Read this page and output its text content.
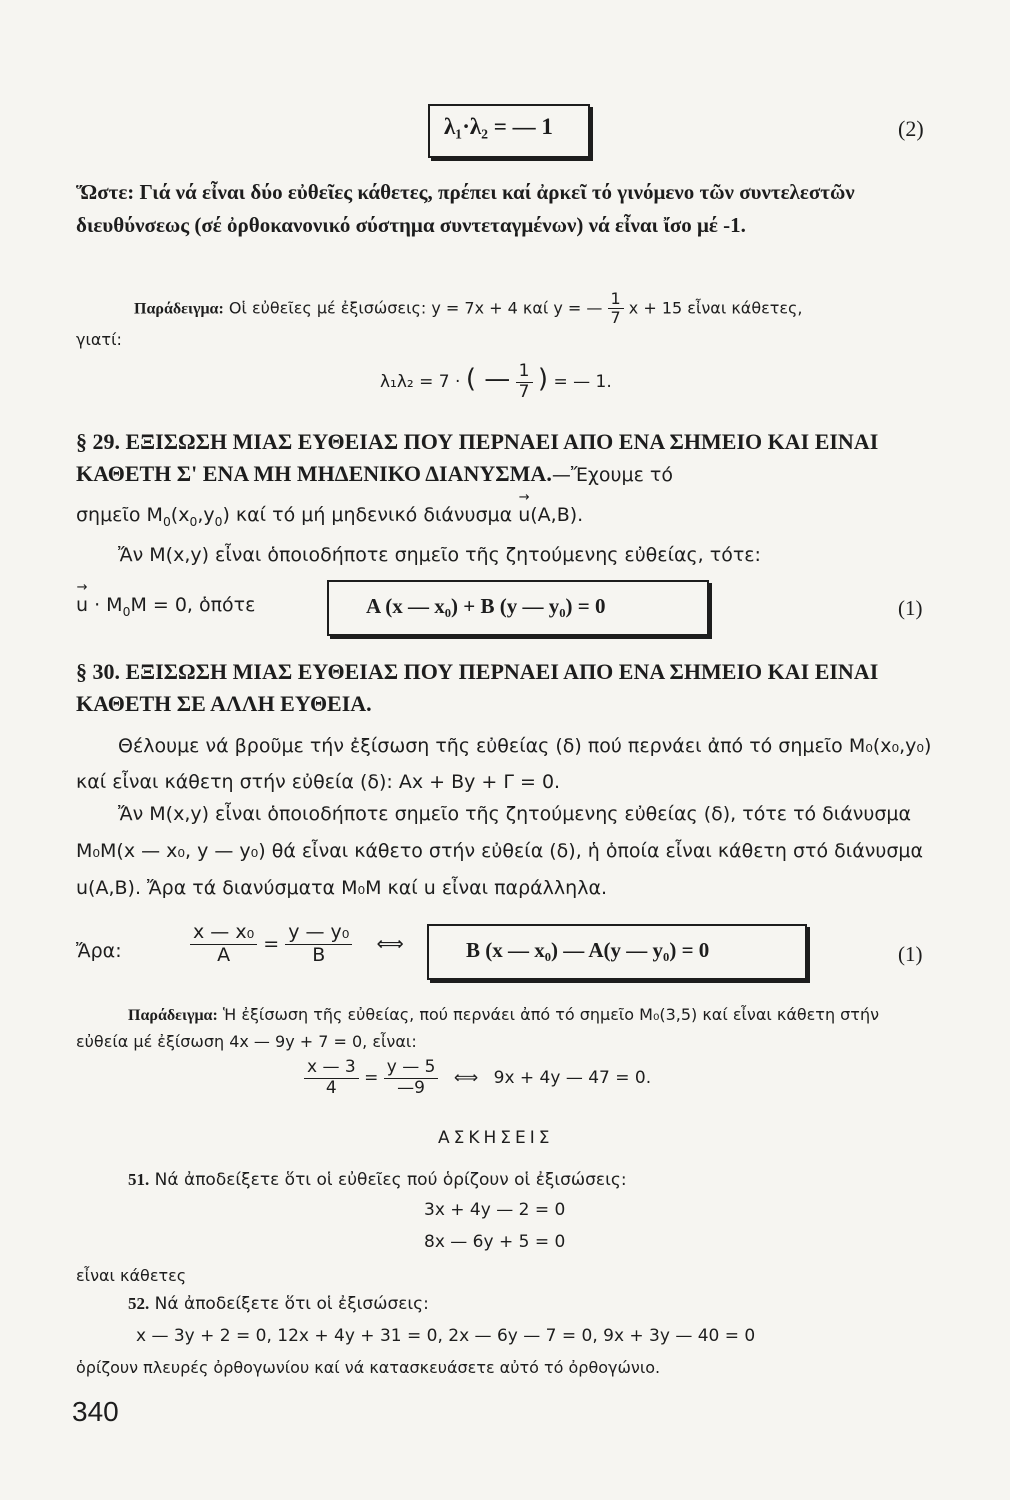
λ₁·λ₂ = — 1	(2)
Ὥστε: Γιά νά εἶναι δύο εὐθεῖες κάθετες, πρέπει καί ἀρκεῖ τό γινόμενο τῶν συντελεστῶν διευθύνσεως (σέ ὀρθοκανονικό σύστημα συντεταγμένων) νά εἶναι ἴσο μέ -1.
Παράδειγμα: Οἱ εὐθεῖες μέ ἐξισώσεις: y = 7x + 4 καί y = — $\frac{1}{7}$ x + 15 εἶναι κάθετες,
γιατί:
λ₁λ₂ = 7 · ( — $\frac{1}{7}$ ) = — 1.
§ 29. ΕΞΙΣΩΣΗ ΜΙΑΣ ΕΥΘΕΙΑΣ ΠΟΥ ΠΕΡΝΑΕΙ ΑΠΟ ΕΝΑ ΣΗΜΕΙΟ ΚΑΙ ΕΙΝΑΙ ΚΑΘΕΤΗ Σ' ΕΝΑ ΜΗ ΜΗΔΕΝΙΚΟ ΔΙΑΝΥΣΜΑ.—Ἔχουμε τό
σημεῖο $M_0(x_0,y_0)$ καί τό μή μηδενικό διάνυσμα → u(A,B).
Ἄν M(x,y) εἶναι ὁποιοδήποτε σημεῖο τῆς ζητούμενης εὐθείας, τότε:
→ $u \cdot M_0M = 0$, ὁπότε	A (x — x₀) + B (y — y₀) = 0	(1)
§ 30. ΕΞΙΣΩΣΗ ΜΙΑΣ ΕΥΘΕΙΑΣ ΠΟΥ ΠΕΡΝΑΕΙ ΑΠΟ ΕΝΑ ΣΗΜΕΙΟ ΚΑΙ ΕΙΝΑΙ ΚΑΘΕΤΗ ΣΕ ΑΛΛΗ ΕΥΘΕΙΑ.
Θέλουμε νά βροῦμε τήν ἐξίσωση τῆς εὐθείας (δ) πού περνάει ἀπό τό σημεῖο M₀(x₀,y₀) καί εἶναι κάθετη στήν εὐθεία (δ): Ax + By + Γ = 0.
Ἄν M(x,y) εἶναι ὁποιοδήποτε σημεῖο τῆς ζητούμενης εὐθείας (δ), τότε τό διάνυσμα M₀M(x — x₀, y — y₀) θά εἶναι κάθετο στήν εὐθεία (δ), ἡ ὁποία εἶναι κάθετη στό διάνυσμα u(A,B). Ἄρα τά διανύσματα M₀M καί u εἶναι παράλληλα.
Ἄρα:	$\frac{\text{x — x₀}}{A} = \frac{\text{y — y₀}}{B}$ ⟺	B (x — x₀) — A(y — y₀) = 0	(1)
Παράδειγμα: Ἡ ἐξίσωση τῆς εὐθείας, πού περνάει ἀπό τό σημεῖο M₀(3,5) καί εἶναι κάθετη στήν εὐθεία μέ ἐξίσωση 4x — 9y + 7 = 0, εἶναι:
$\frac{x — 3}{4} = \frac{y — 5}{—9}$ ⟺ 9x + 4y — 47 = 0.
ΑΣΚΗΣΕΙΣ
51. Νά ἀποδείξετε ὅτι οἱ εὐθεῖες πού ὁρίζουν οἱ ἐξισώσεις:
3x + 4y — 2 = 0
8x — 6y + 5 = 0
εἶναι κάθετες
52. Νά ἀποδείξετε ὅτι οἱ ἐξισώσεις:
x — 3y + 2 = 0, 12x + 4y + 31 = 0, 2x — 6y — 7 = 0, 9x + 3y — 40 = 0
ὁρίζουν πλευρές ὀρθογωνίου καί νά κατασκευάσετε αὐτό τό ὀρθογώνιο.
340
